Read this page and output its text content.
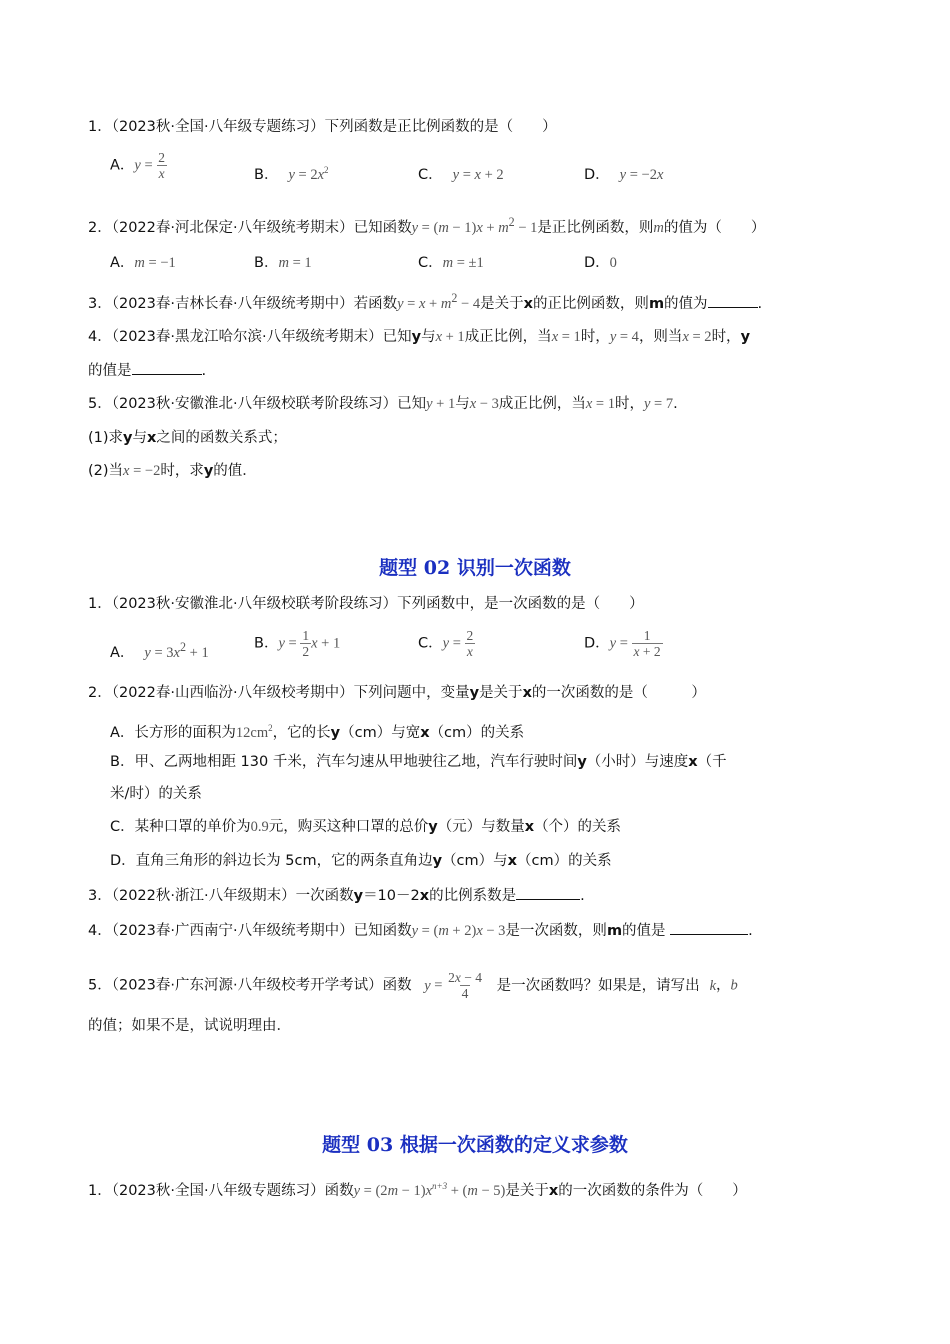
1．（2023秋·全国·八年级专题练习）下列函数是正比例函数的是（　　）
A．$y = \frac{2}{x}$	B． $y = 2x^2$	C． y = x + 2	D． y = −2x
2．（2022春·河北保定·八年级统考期末）已知函数$y = (m - 1)x + m^2 - 1$是正比例函数，则m的值为（　　）
A．m = −1	B．m = 1	C．m = ±1	D．0
3．（2023春·吉林长春·八年级统考期中）若函数$y = x + m^2 - 4$是关于x的正比例函数，则m的值为	.
4．（2023春·黑龙江哈尔滨·八年级统考期末）已知y与x + 1成正比例，当x = 1时，y = 4，则当x = 2时，y
的值是	.
5．（2023秋·安徽淮北·八年级校联考阶段练习）已知y + 1与x − 3成正比例，当x = 1时，y = 7.
(1)求y与x之间的函数关系式；
(2)当x = −2时，求y的值．
题型 02 识别一次函数
1．（2023秋·安徽淮北·八年级校联考阶段练习）下列函数中，是一次函数的是（　　）
A． $y = 3x^2 + 1$
B．$y = \frac{1}{2}$ x + 1	C．$y = \frac{2}{x}$	D．$y = \frac{1}{x + 2}$
2．（2022春·山西临汾·八年级校考期中）下列问题中，变量y是关于x的一次函数的是（　　　）
A．长方形的面积为$12cm^2$，它的长y（cm）与宽x（cm）的关系
B．甲、乙两地相距 130 千米，汽车匀速从甲地驶往乙地，汽车行驶时间y（小时）与速度x（千
米/时）的关系
C．某种口罩的单价为0.9元，购买这种口罩的总价y（元）与数量x（个）的关系
D．直角三角形的斜边长为 5cm，它的两条直角边y（cm）与x（cm）的关系
3．（2022秋·浙江·八年级期末）一次函数y＝10－2x的比例系数是	.
4．（2023春·广西南宁·八年级统考期中）已知函数y = (m + 2)x − 3是一次函数，则m的值是	.
5．（2023春·广东河源·八年级校考开学考试）函数 $y = \frac{2x - 4}{4}$ 是一次函数吗？如果是，请写出 k，b
的值；如果不是，试说明理由．
题型 03 根据一次函数的定义求参数
1．（2023秋·全国·八年级专题练习）函数$y = (2m - 1)x^{n+3} + (m - 5)$是关于x的一次函数的条件为（　　）
